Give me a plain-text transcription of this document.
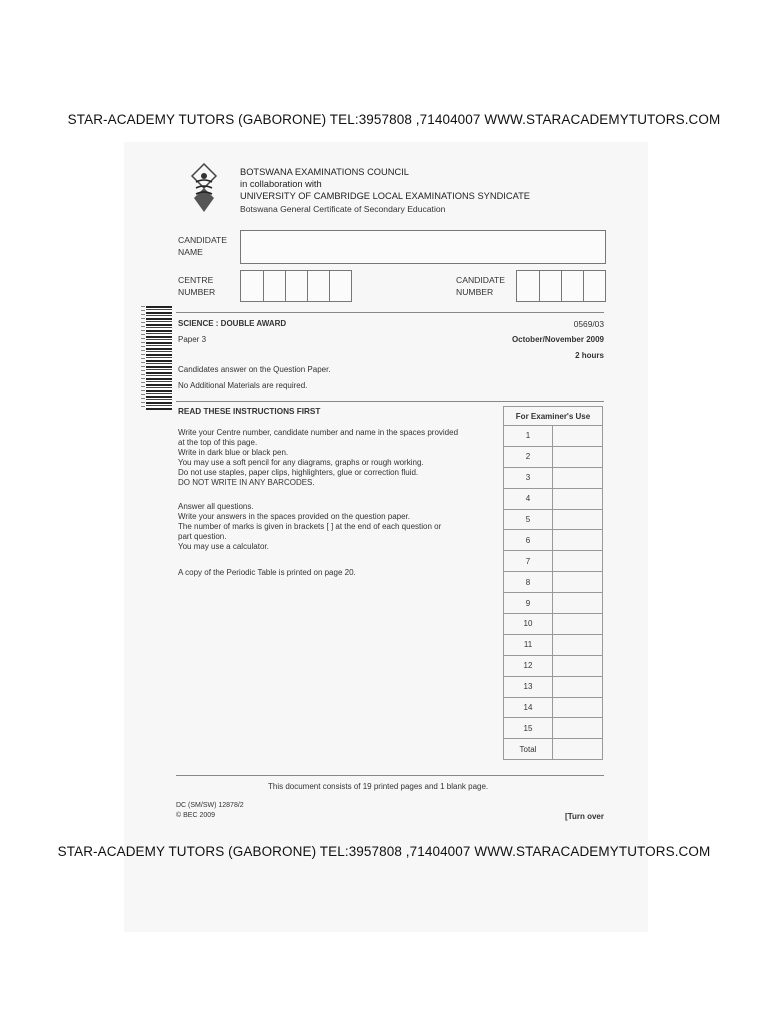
STAR-ACADEMY TUTORS (GABORONE) TEL:3957808 ,71404007 WWW.STARACADEMYTUTORS.COM
BOTSWANA EXAMINATIONS COUNCIL
in collaboration with
UNIVERSITY OF CAMBRIDGE LOCAL EXAMINATIONS SYNDICATE
Botswana General Certificate of Secondary Education
CANDIDATE
NAME
CENTRE
NUMBER
CANDIDATE
NUMBER
SCIENCE : DOUBLE AWARD
Paper 3
0569/03
October/November 2009
2 hours
Candidates answer on the Question Paper.
No Additional Materials are required.
READ THESE INSTRUCTIONS FIRST
Write your Centre number, candidate number and name in the spaces provided
at the top of this page.
Write in dark blue or black pen.
You may use a soft pencil for any diagrams, graphs or rough working.
Do not use staples, paper clips, highlighters, glue or correction fluid.
DO NOT WRITE IN ANY BARCODES.
Answer all questions.
Write your answers in the spaces provided on the question paper.
The number of marks is given in brackets [ ] at the end of each question or
part question.
You may use a calculator.
A copy of the Periodic Table is printed on page 20.
For Examiner's Use	
1	
2	
3	
4	
5	
6	
7	
8	
9	
10	
11	
12	
13	
14	
15	
Total	
This document consists of 19 printed pages and 1 blank page.
DC (SM/SW) 12878/2
© BEC 2009	[Turn over
STAR-ACADEMY TUTORS (GABORONE) TEL:3957808 ,71404007 WWW.STARACADEMYTUTORS.COM
